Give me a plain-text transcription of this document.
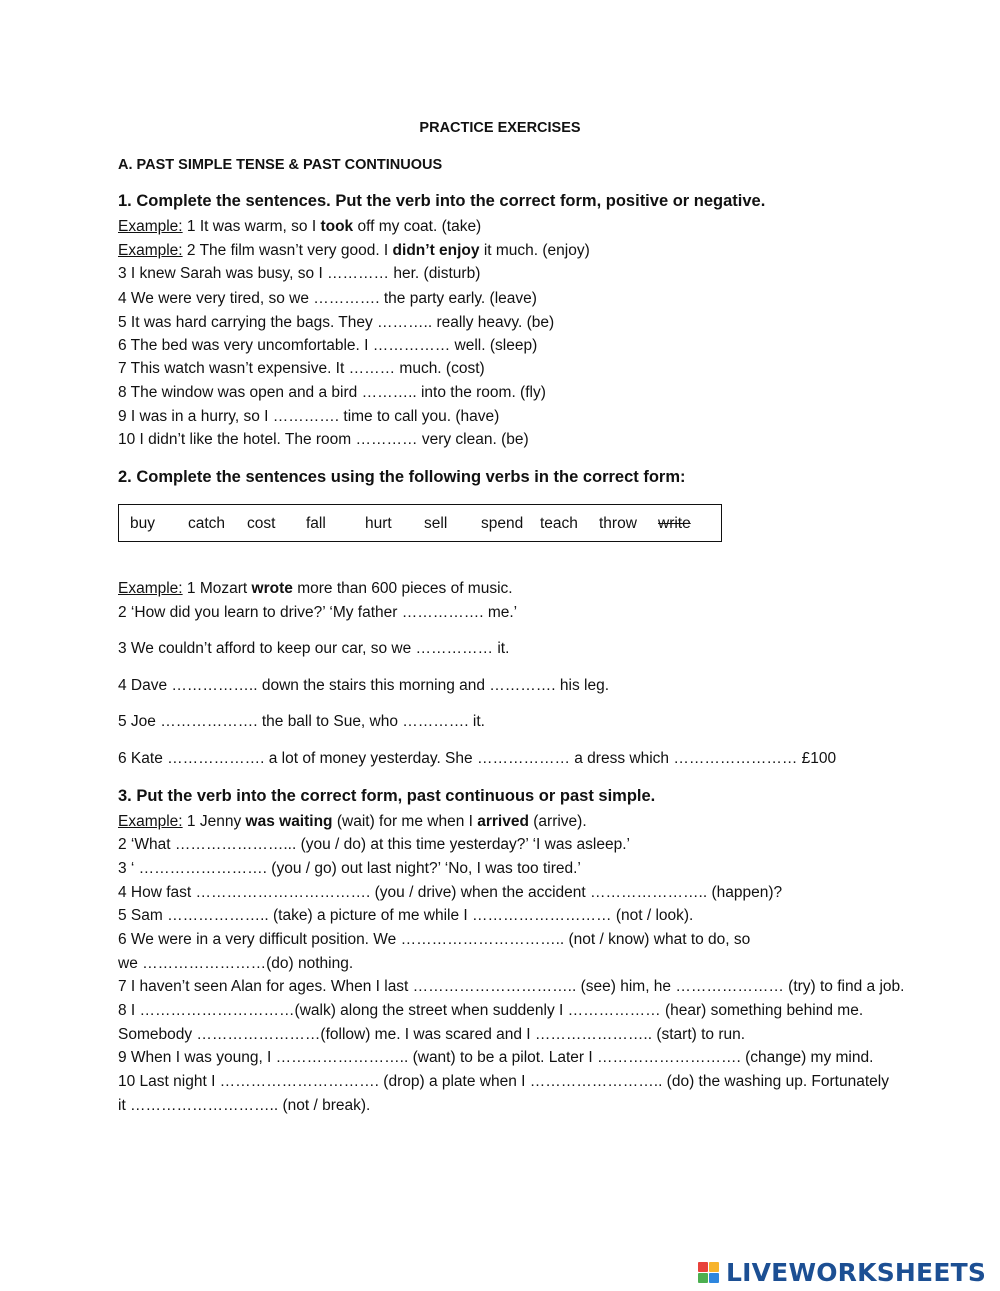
PRACTICE EXERCISES
A. PAST SIMPLE TENSE & PAST CONTINUOUS
1. Complete the sentences. Put the verb into the correct form, positive or negative.
Example: 1 It was warm, so I took off my coat. (take)
Example: 2 The film wasn’t very good. I didn’t enjoy it much. (enjoy)
3 I knew Sarah was busy, so I ………… her. (disturb)
4 We were very tired, so we …………. the party early. (leave)
5 It was hard carrying the bags. They ……….. really heavy. (be)
6 The bed was very uncomfortable. I …………… well. (sleep)
7 This watch wasn’t expensive. It ……… much. (cost)
8 The window was open and a bird ……….. into the room. (fly)
9 I was in a hurry, so I …………. time to call you. (have)
10 I didn’t like the hotel. The room ………… very clean. (be)
2. Complete the sentences using the following verbs in the correct form:
buy catch cost fall	hurt sell spend teach throw write
Example: 1 Mozart wrote more than 600 pieces of music.
2 ‘How did you learn to drive?’ ‘My father ……………. me.’
3 We couldn’t afford to keep our car, so we …………… it.
4 Dave …………….. down the stairs this morning and …………. his leg.
5 Joe ………………. the ball to Sue, who …………. it.
6 Kate ………………. a lot of money yesterday. She ……………… a dress which …………………… £100
3. Put the verb into the correct form, past continuous or past simple.
Example: 1 Jenny was waiting (wait) for me when I arrived (arrive).
2 ‘What …………………... (you / do) at this time yesterday?’ ‘I was asleep.’
3 ‘ ……………………. (you / go) out last night?’ ‘No, I was too tired.’
4 How fast ……………………………. (you / drive) when the accident ………………….. (happen)?
5 Sam ……………….. (take) a picture of me while I ……………………… (not / look).
6 We were in a very difficult position. We ………………………….. (not / know) what to do, so
we ……………………(do) nothing.
7 I haven’t seen Alan for ages. When I last ………………………….. (see) him, he ………………… (try) to find a job.
8 I …………………………(walk) along the street when suddenly I ……………… (hear) something behind me.
Somebody ……………………(follow) me. I was scared and I ………………….. (start) to run.
9 When I was young, I …………………….. (want) to be a pilot. Later I ………………………. (change) my mind.
10 Last night I …………………………. (drop) a plate when I …………………….. (do) the washing up. Fortunately
it ……………………….. (not / break).
LIVEWORKSHEETS
